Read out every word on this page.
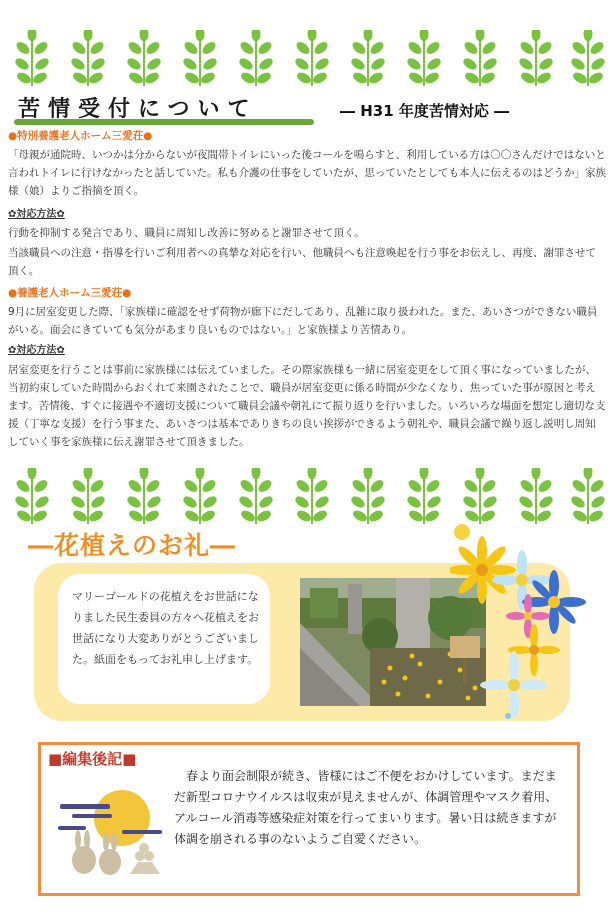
苦情受付について	― H31 年度苦情対応 ―
●特別養護老人ホーム三愛荘●
「母親が通院時、いつかは分からないが夜間帯トイレにいった後コールを鳴らすと、利用している方は〇〇さんだけではないと言われトイレに行けなかったと話していた。私も介護の仕事をしていたが、思っていたとしても本人に伝えるのはどうか」家族様（娘）よりご指摘を頂く。
✿対応方法✿
行動を抑制する発言であり、職員に周知し改善に努めると謝罪させて頂く。
当該職員への注意・指導を行いご利用者への真摯な対応を行い、他職員へも注意喚起を行う事をお伝えし、再度、謝罪させて頂く。
●養護老人ホーム三愛荘●
9月に居室変更した際、「家族様に確認をせず荷物が廊下にだしてあり、乱雑に取り扱われた。また、あいさつができない職員がいる。面会にきていても気分があまり良いものではない。」と家族様より苦情あり。
✿対応方法✿
居室変更を行うことは事前に家族様には伝えていました。その際家族様も一緒に居室変更をして頂く事になっていましたが、当初約束していた時間からおくれて来園されたことで、職員が居室変更に係る時間が少なくなり、焦っていた事が原因と考えます。苦情後、すぐに接遇や不適切支援について職員会議や朝礼にて振り返りを行いました。いろいろな場面を想定し適切な支援（丁寧な支援）を行う事また、あいさつは基本でありきちの良い挨拶ができるよう朝礼や、職員会議で繰り返し説明し周知していく事を家族様に伝え謝罪させて頂きました。
―花植えのお礼―
マリーゴールドの花植えをお世話になりました民生委員の方々へ花植えをお世話になり大変ありがとうございました。紙面をもってお礼申し上げます。
■編集後記■
　春より面会制限が続き、皆様にはご不便をおかけしています。まだまだ新型コロナウイルスは収束が見えませんが、体調管理やマスク着用、アルコール消毒等感染症対策を行ってまいります。暑い日は続きますが体調を崩される事のないようご自愛ください。
